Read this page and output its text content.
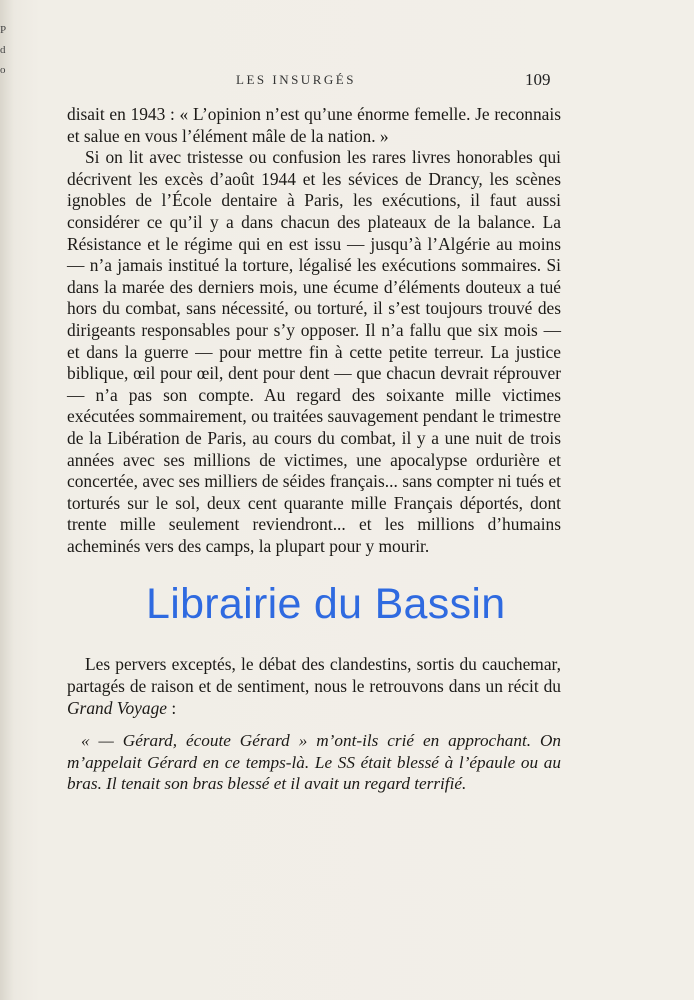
P
d
o
LES INSURGÉS	109

disait en 1943 : « L’opinion n’est qu’une énorme femelle. Je reconnais et salue en vous l’élément mâle de la nation. »

Si on lit avec tristesse ou confusion les rares livres honorables qui décrivent les excès d’août 1944 et les sévices de Drancy, les scènes ignobles de l’École dentaire à Paris, les exécutions, il faut aussi considérer ce qu’il y a dans chacun des plateaux de la balance. La Résistance et le régime qui en est issu — jusqu’à l’Algérie au moins — n’a jamais institué la torture, légalisé les exécutions sommaires. Si dans la marée des derniers mois, une écume d’éléments douteux a tué hors du combat, sans nécessité, ou torturé, il s’est toujours trouvé des dirigeants responsables pour s’y opposer. Il n’a fallu que six mois — et dans la guerre — pour mettre fin à cette petite terreur. La justice biblique, œil pour œil, dent pour dent — que chacun devrait réprouver — n’a pas son compte. Au regard des soixante mille victimes exécutées sommairement, ou traitées sauvagement pendant le trimestre de la Libération de Paris, au cours du combat, il y a une nuit de trois années avec ses millions de victimes, une apocalypse ordurière et concertée, avec ses milliers de séides français... sans compter ni tués et torturés sur le sol, deux cent quarante mille Français déportés, dont trente mille seulement reviendront... et les millions d’humains acheminés vers des camps, la plupart pour y mourir.

Les pervers exceptés, le débat des clandestins, sortis du cauchemar, partagés de raison et de sentiment, nous le retrouvons dans un récit du Grand Voyage :

« — Gérard, écoute Gérard » m’ont-ils crié en approchant. On m’appelait Gérard en ce temps-là. Le SS était blessé à l’épaule ou au bras. Il tenait son bras blessé et il avait un regard terrifié.

Librairie du Bassin
